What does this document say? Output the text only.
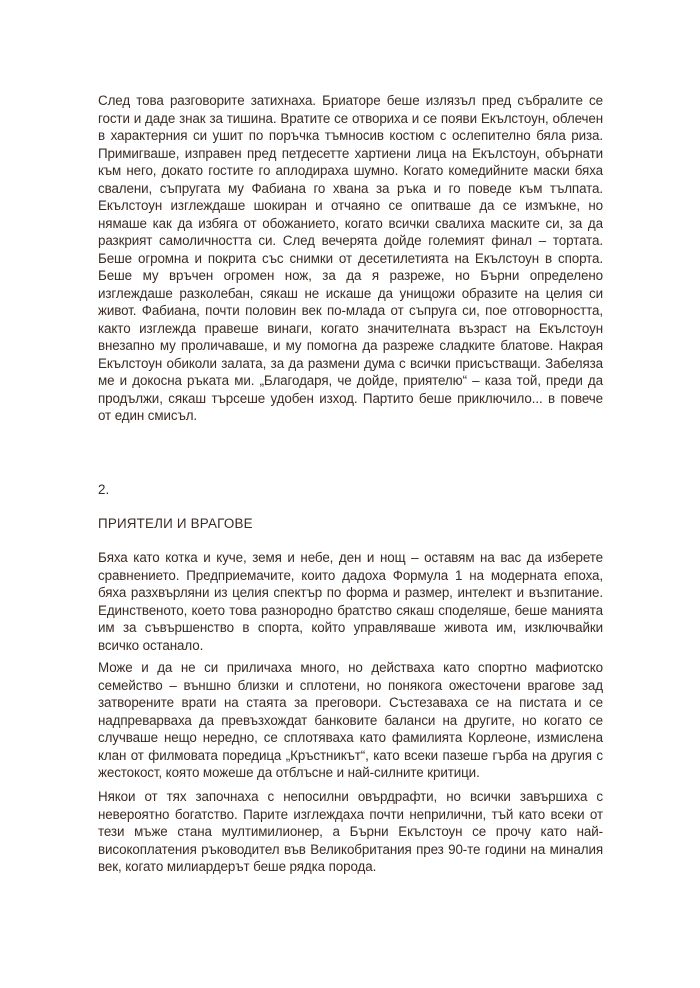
След това разговорите затихнаха. Бриаторе беше излязъл пред събралите се гости и даде знак за тишина. Вратите се отвориха и се появи Екълстоун, облечен в характерния си ушит по поръчка тъмносив костюм с ослепително бяла риза. Примигваше, изправен пред петдесетте хартиени лица на Екълстоун, обърнати към него, докато гостите го аплодираха шумно. Когато комедийните маски бяха свалени, съпругата му Фабиана го хвана за ръка и го поведе към тълпата. Екълстоун изглеждаше шокиран и отчаяно се опитваше да се измъкне, но нямаше как да избяга от обожанието, когато всички свалиха маските си, за да разкрият самоличността си. След вечерята дойде големият финал – тортата. Беше огромна и покрита със снимки от десетилетията на Екълстоун в спорта. Беше му връчен огромен нож, за да я разреже, но Бърни определено изглеждаше разколебан, сякаш не искаше да унищожи образите на целия си живот. Фабиана, почти половин век по-млада от съпруга си, пое отговорността, както изглежда правеше винаги, когато значителната възраст на Екълстоун внезапно му проличаваше, и му помогна да разреже сладките блатове. Накрая Екълстоун обиколи залата, за да размени дума с всички присъстващи. Забеляза ме и докосна ръката ми. „Благодаря, че дойде, приятелю“ – каза той, преди да продължи, сякаш търсеше удобен изход. Партито беше приключило... в повече от един смисъл.

2.

ПРИЯТЕЛИ И ВРАГОВЕ

Бяха като котка и куче, земя и небе, ден и нощ – оставям на вас да изберете сравнението. Предприемачите, които дадоха Формула 1 на модерната епоха, бяха разхвърляни из целия спектър по форма и размер, интелект и възпитание. Единственото, което това разнородно братство сякаш споделяше, беше манията им за съвършенство в спорта, който управляваше живота им, изключвайки всичко останало.

Може и да не си приличаха много, но действаха като спортно мафиотско семейство – външно близки и сплотени, но понякога ожесточени врагове зад затворените врати на стаята за преговори. Състезаваха се на пистата и се надпреварваха да превъзхождат банковите баланси на другите, но когато се случваше нещо нередно, се сплотяваха като фамилията Корлеоне, измислена клан от филмовата поредица „Кръстникът“, като всеки пазеше гърба на другия с жестокост, която можеше да отблъсне и най-силните критици.

Някои от тях започнаха с непосилни овърдрафти, но всички завършиха с невероятно богатство. Парите изглеждаха почти неприлични, тъй като всеки от тези мъже стана мултимилионер, а Бърни Екълстоун се прочу като най-високоплатения ръководител във Великобритания през 90-те години на миналия век, когато милиардерът беше рядка порода.
